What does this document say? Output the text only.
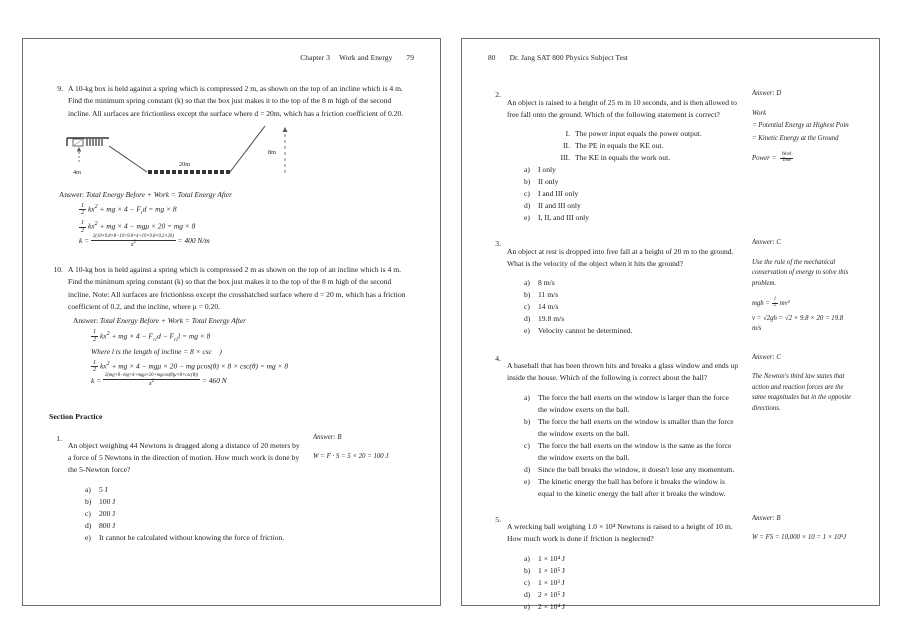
Chapter 3 Work and Energy 79
9. A 10-kg box is held against a spring which is compressed 2 m, as shown on the top of an incline which is 4 m. Find the minimum spring constant (k) so that the box just makes it to the top of the 8 m high of the second incline. All surfaces are frictionless except the surface where d = 20m, which has a friction coefficient of 0.20.

4m
20m
8m
Answer: Total Energy Before + Work = Total Energy After
$\frac{1}{2} kx^2$ + mg × $4 - F_rd$ = mg × 8
$\frac{1}{2} kx^2$ + mg × 4 − mgμ × 20 = mg × 8
$k = \frac{2(10\times 9.8\times 8-10\times 9.8\times 4+10\times 9.8\times 0.2\times 20)}{x^2} = 400$ N/m
10. A 10-kg box is held against a spring which is compressed 2 m as shown on the top of an incline which is 4 m. Find the minimum spring constant (k) so that the box just makes it to the top of the 8 m high of the second incline. Note: All surfaces are frictionless except the crosshatched surface where d = 20 m, which has a friction coefficient of 0.2, and the incline, where μ = 0.20.

Answer: Total Energy Before + Work = Total Energy After
$\frac{1}{2} kx^2$ + mg × $4 - F_{r1}d - F_{r2}l$ = mg × 8
Where l is the length of incline = 8 × csc    )
$\frac{1}{2} kx^2$ + mg × 4 − mgμ × 20 − mg μcos(θ) × 8 × csc(θ) = mg × 8
$k = \frac{\text{2(mg×8−mg×4+mgμ×20+mgcos(θ)μ×8×csc(θ))}}{x^2} = 460$ N
Section Practice
1.

An object weighing 44 Newtons is dragged along a distance of 20 meters by a force of 5 Newtons in the direction of motion. How much work is done by the 5-Newton force?

a)	5 J
b)	100 J
c)	200 J
d)	800 J
e)	It cannot be calculated without knowing the force of friction.
Answer: B
W = F · S = 5 × 20 = 100 J
80 Dr. Jang SAT 800 Physics Subject Test
2.

An object is raised to a height of 25 m in 10 seconds, and is then allowed to free fall onto the ground. Which of the following statement is correct?

I. The power input equals the power output.
II. The PE in equals the KE out.
III. The KE in equals the work out.
a)	I only
b)	II only
c)	I and III only
d)	II and III only
e)	I, II, and III only
Answer: D
Work
= Potential Energy at Highest Poin
= Kinetic Energy at the Ground
Power = $\frac{\text{Work}}{\text{Time}}$
3.

An object at rest is dropped into free fall at a height of 20 m to the ground. What is the velocity of the object when it hits the ground?

a)	8 m/s
b)	11 m/s
c)	14 m/s
d)	19.8 m/s
e)	Velocity cannot be determined.
Answer: C
Use the rule of the mechanical conservation of energy to solve this problem.
mgh = $\frac{1}{2} mv^2$
v = √2gh = √2 × 9.8 × 20 = 19.8 m/s
4.

A baseball that has been thrown hits and breaks a glass window and ends up inside the house. Which of the following is correct about the ball?

a)	The force the ball exerts on the window is larger than the force the window exerts on the ball.
b)	The force the ball exerts on the window is smaller than the force the window exerts on the ball.
c)	The force the ball exerts on the window is the same as the force the window exerts on the ball.
d)	Since the ball breaks the window, it doesn't lose any momentum.
e)	The kinetic energy the ball has before it breaks the window is equal to the kinetic energy the ball after it breaks the window.
Answer: C
The Newton's third law states that action and reaction forces are the same magnitudes but in the opposite directions.
5.

A wrecking ball weighing 1.0 × 10⁴ Newtons is raised to a height of 10 m. How much work is done if friction is neglected?

a)	1 × 10⁴ J
b)	1 × 10⁵ J
c)	1 × 10³ J
d)	2 × 10⁵ J
e)	2 × 10⁴ J
Answer: B
W = FS = 10,000 × 10 = 1 × 10⁵J
